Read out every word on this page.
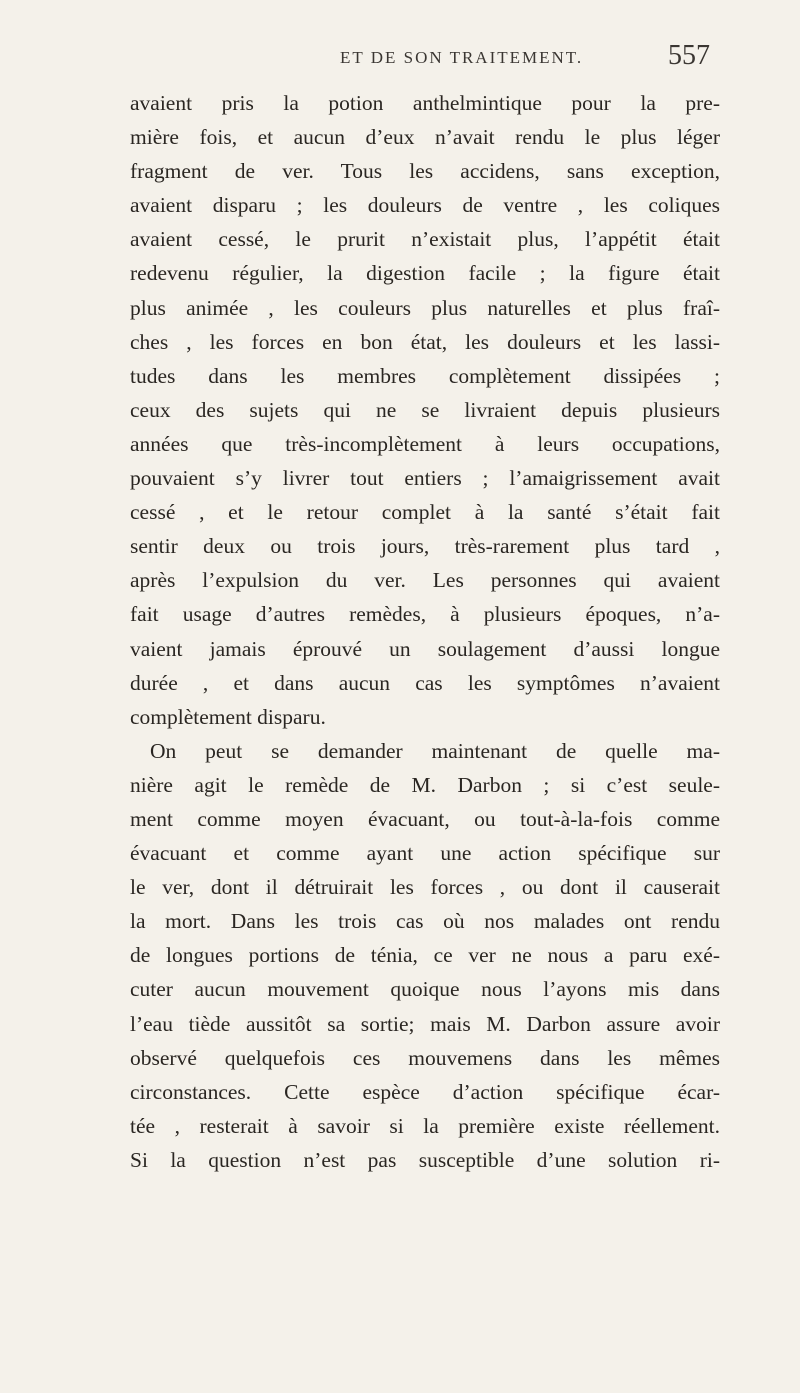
ET DE SON TRAITEMENT.	557
avaient pris la potion anthelmintique pour la pre-
mière fois, et aucun d’eux n’avait rendu le plus léger
fragment de ver. Tous les accidens, sans exception,
avaient disparu ; les douleurs de ventre , les coliques
avaient cessé, le prurit n’existait plus, l’appétit était
redevenu régulier, la digestion facile ; la figure était
plus animée , les couleurs plus naturelles et plus fraî-
ches , les forces en bon état, les douleurs et les lassi-
tudes dans les membres complètement dissipées ;
ceux des sujets qui ne se livraient depuis plusieurs
années que très-incomplètement à leurs occupations,
pouvaient s’y livrer tout entiers ; l’amaigrissement avait
cessé , et le retour complet à la santé s’était fait
sentir deux ou trois jours, très-rarement plus tard ,
après l’expulsion du ver. Les personnes qui avaient
fait usage d’autres remèdes, à plusieurs époques, n’a-
vaient jamais éprouvé un soulagement d’aussi longue
durée , et dans aucun cas les symptômes n’avaient
complètement disparu.
On peut se demander maintenant de quelle ma-
nière agit le remède de M. Darbon ; si c’est seule-
ment comme moyen évacuant, ou tout-à-la-fois comme
évacuant et comme ayant une action spécifique sur
le ver, dont il détruirait les forces , ou dont il causerait
la mort. Dans les trois cas où nos malades ont rendu
de longues portions de ténia, ce ver ne nous a paru exé-
cuter aucun mouvement quoique nous l’ayons mis dans
l’eau tiède aussitôt sa sortie; mais M. Darbon assure avoir
observé quelquefois ces mouvemens dans les mêmes
circonstances. Cette espèce d’action spécifique écar-
tée , resterait à savoir si la première existe réellement.
Si la question n’est pas susceptible d’une solution ri-
